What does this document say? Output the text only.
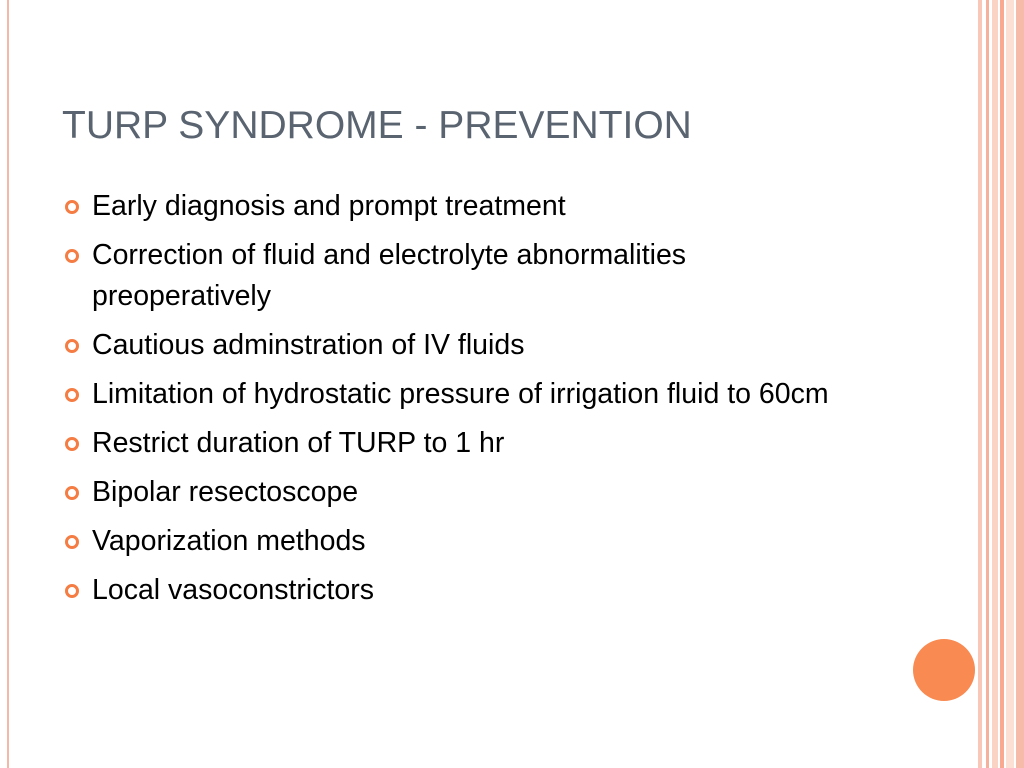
TURP SYNDROME - PREVENTION
Early diagnosis and prompt treatment
Correction of fluid and electrolyte abnormalities preoperatively
Cautious adminstration of IV fluids
Limitation of hydrostatic pressure of irrigation fluid to 60cm
Restrict duration of TURP to 1 hr
Bipolar resectoscope
Vaporization methods
Local vasoconstrictors
